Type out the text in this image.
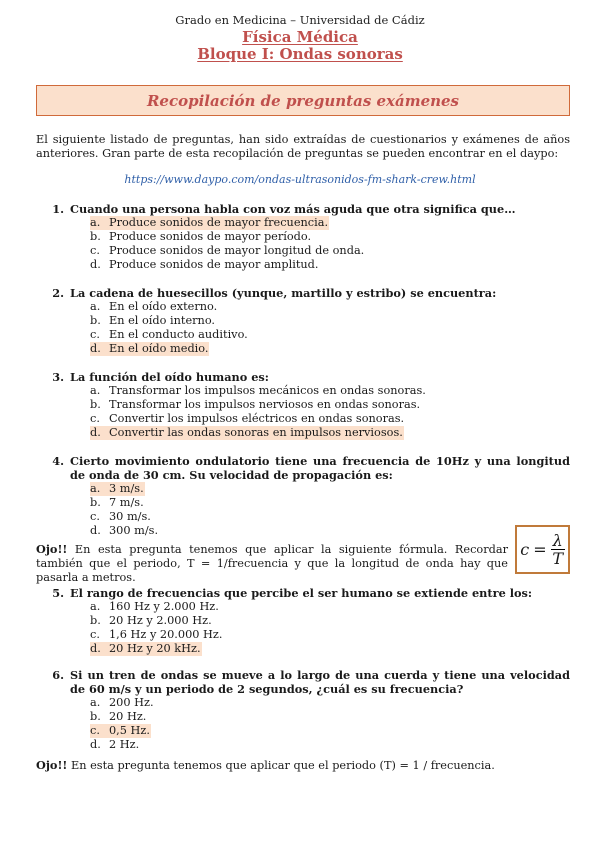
Grado en Medicina – Universidad de Cádiz
Física Médica
Bloque I: Ondas sonoras
Recopilación de preguntas exámenes
El siguiente listado de preguntas, han sido extraídas de cuestionarios y exámenes de años anteriores. Gran parte de esta recopilación de preguntas se pueden encontrar en el daypo:
https://www.daypo.com/ondas-ultrasonidos-fm-shark-crew.html
1. Cuando una persona habla con voz más aguda que otra significa que…
a. Produce sonidos de mayor frecuencia.
b. Produce sonidos de mayor período.
c. Produce sonidos de mayor longitud de onda.
d. Produce sonidos de mayor amplitud.
2. La cadena de huesecillos (yunque, martillo y estribo) se encuentra:
a. En el oído externo.
b. En el oído interno.
c. En el conducto auditivo.
d. En el oído medio.
3. La función del oído humano es:
a. Transformar los impulsos mecánicos en ondas sonoras.
b. Transformar los impulsos nerviosos en ondas sonoras.
c. Convertir los impulsos eléctricos en ondas sonoras.
d. Convertir las ondas sonoras en impulsos nerviosos.
4. Cierto movimiento ondulatorio tiene una frecuencia de 10Hz y una longitud de onda de 30 cm. Su velocidad de propagación es:
a. 3 m/s.
b. 7 m/s.
c. 30 m/s.
d. 300 m/s.
Ojo!! En esta pregunta tenemos que aplicar la siguiente fórmula. Recordar también que el periodo, T = 1/frecuencia y que la longitud de onda hay que pasarla a metros.
$c = \frac{\lambda}{T}$
5. El rango de frecuencias que percibe el ser humano se extiende entre los:
a. 160 Hz y 2.000 Hz.
b. 20 Hz y 2.000 Hz.
c. 1,6 Hz y 20.000 Hz.
d. 20 Hz y 20 kHz.
6. Si un tren de ondas se mueve a lo largo de una cuerda y tiene una velocidad de 60 m/s y un periodo de 2 segundos, ¿cuál es su frecuencia?
a. 200 Hz.
b. 20 Hz.
c. 0,5 Hz.
d. 2 Hz.
Ojo!! En esta pregunta tenemos que aplicar que el periodo (T) = 1 / frecuencia.
